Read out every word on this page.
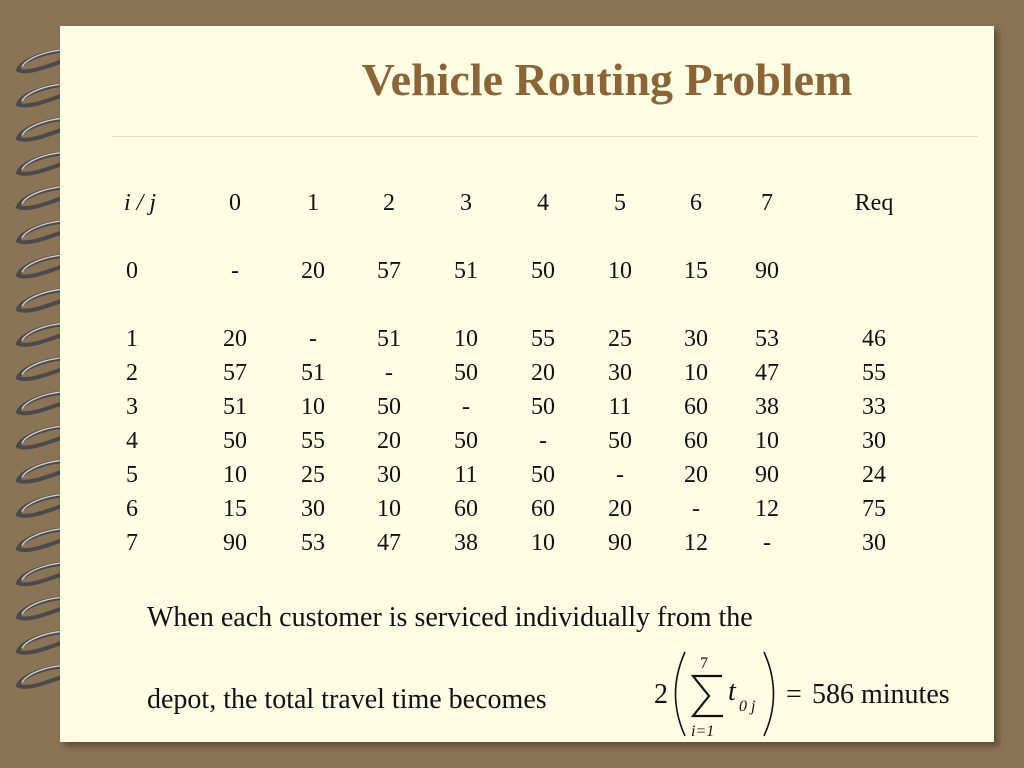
Vehicle Routing Problem
i / j	0	1	2	3	4	5	6	7	Req

0	-	20	57	51	50	10	15	90	

1	20	-	51	10	55	25	30	53	46
2	57	51	-	50	20	30	10	47	55
3	51	10	50	-	50	11	60	38	33
4	50	55	20	50	-	50	60	10	30
5	10	25	30	11	50	-	20	90	24
6	15	30	10	60	60	20	-	12	75
7	90	53	47	38	10	90	12	-	30

When each customer is serviced individually from the

depot, the total travel time becomes	2
7
i=1
t 0 j = 586 minutes
